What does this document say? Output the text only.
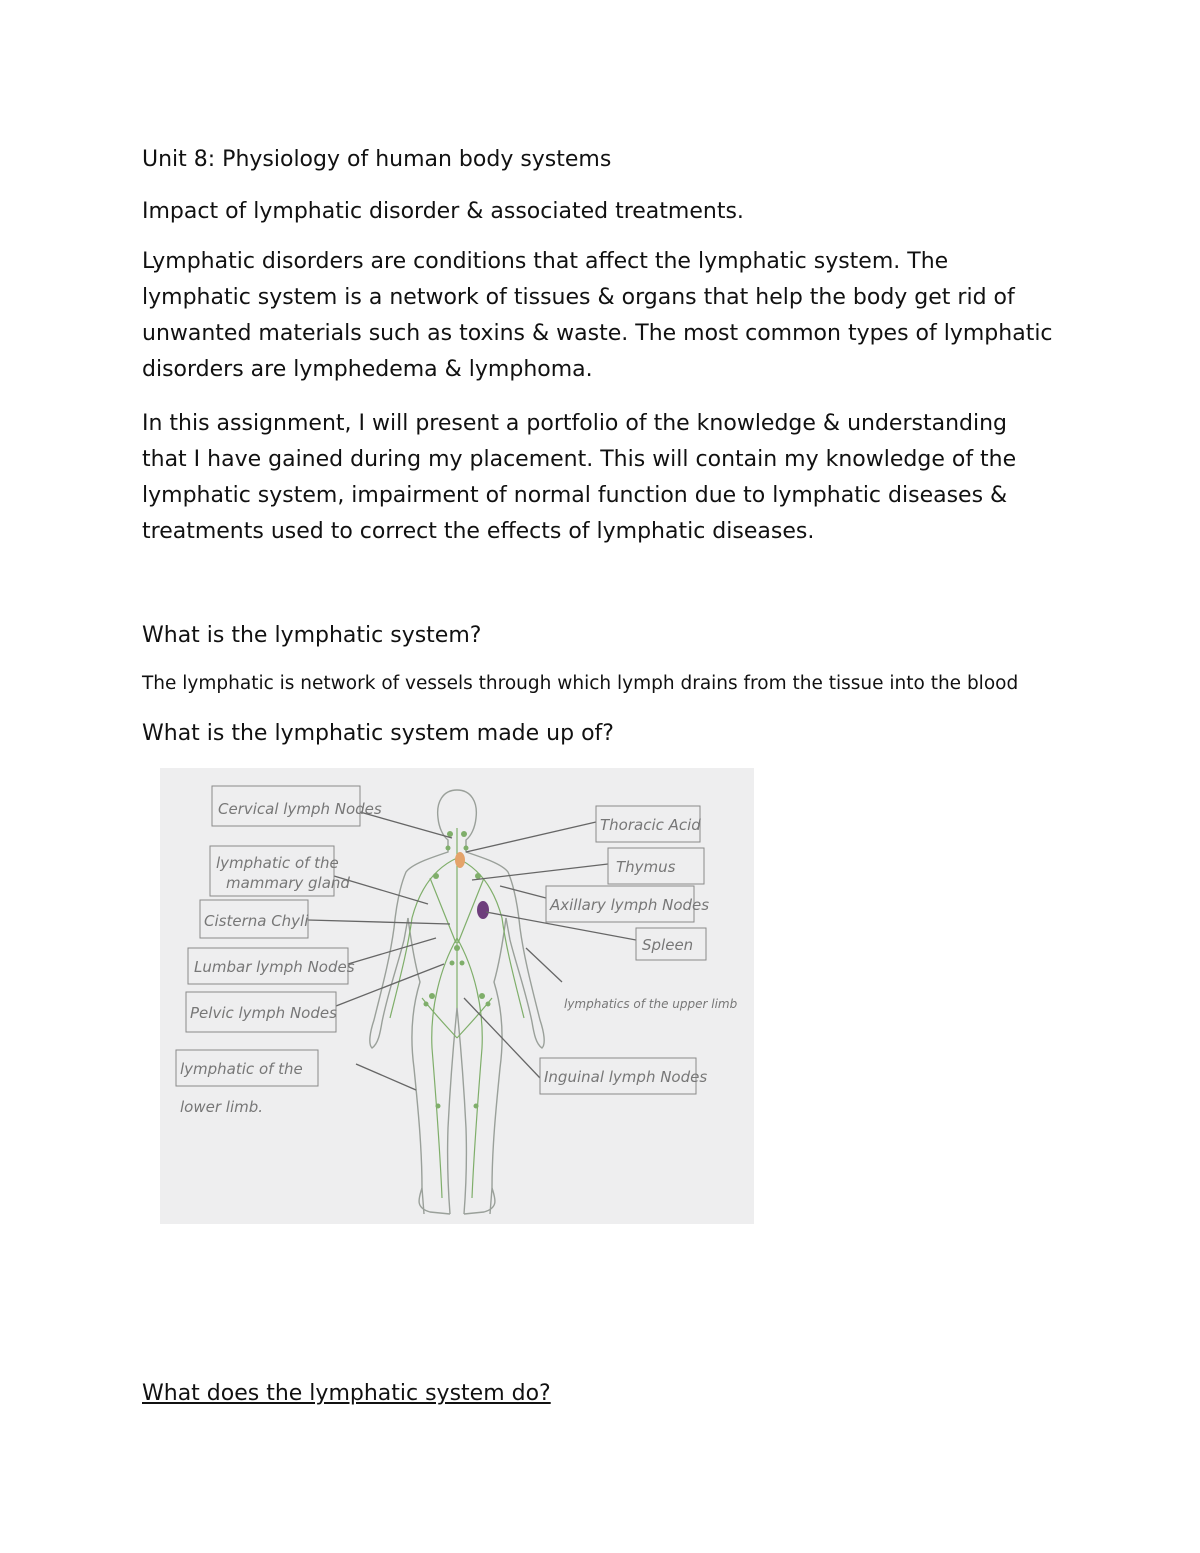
Unit 8: Physiology of human body systems

Impact of lymphatic disorder & associated treatments.

Lymphatic disorders are conditions that affect the lymphatic system. The
lymphatic system is a network of tissues & organs that help the body get rid of
unwanted materials such as toxins & waste. The most common types of lymphatic
disorders are lymphedema & lymphoma.
In this assignment, I will present a portfolio of the knowledge & understanding
that I have gained during my placement. This will contain my knowledge of the
lymphatic system, impairment of normal function due to lymphatic diseases &
treatments used to correct the effects of lymphatic diseases.

What is the lymphatic system?

The lymphatic is network of vessels through which lymph drains from the tissue into the blood

What is the lymphatic system made up of?

Cervical lymph Nodes
lymphatic of the
mammary gland
Cisterna Chyli
Lumbar lymph Nodes
Pelvic lymph Nodes
lymphatic of the
lower limb.
Thoracic Acid
Thymus
Axillary lymph Nodes
Spleen
lymphatics of the upper limb
Inguinal lymph Nodes

What does the lymphatic system do?
